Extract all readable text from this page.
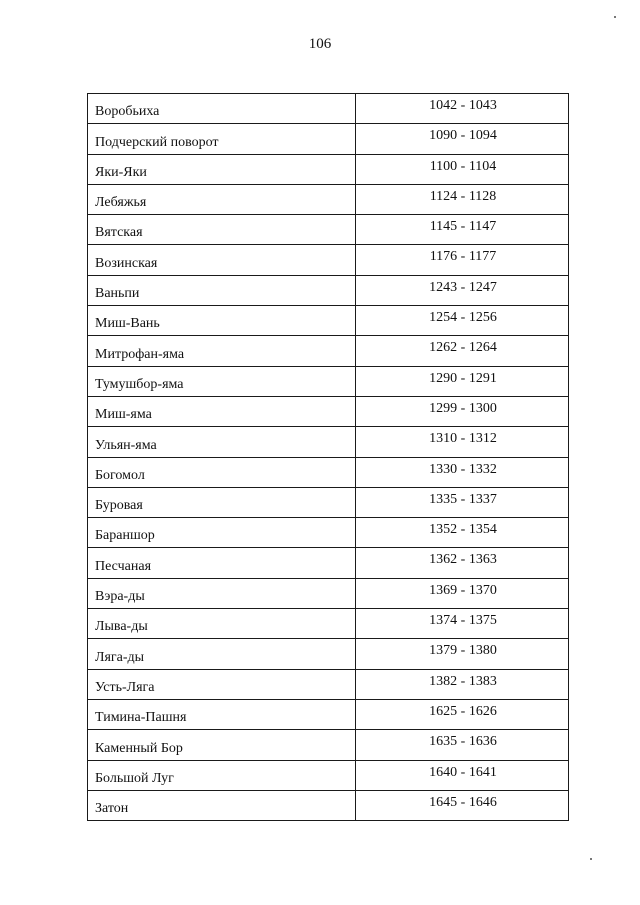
106
Воробьиха	1042 - 1043
Подчерский поворот	1090 - 1094
Яки-Яки	1100 - 1104
Лебяжья	1124 - 1128
Вятская	1145 - 1147
Возинская	1176 - 1177
Ваньпи	1243 - 1247
Миш-Вань	1254 - 1256
Митрофан-яма	1262 - 1264
Тумушбор-яма	1290 - 1291
Миш-яма	1299 - 1300
Ульян-яма	1310 - 1312
Богомол	1330 - 1332
Буровая	1335 - 1337
Бараншор	1352 - 1354
Песчаная	1362 - 1363
Вэра-ды	1369 - 1370
Лыва-ды	1374 - 1375
Ляга-ды	1379 - 1380
Усть-Ляга	1382 - 1383
Тимина-Пашня	1625 - 1626
Каменный Бор	1635 - 1636
Большой Луг	1640 - 1641
Затон	1645 - 1646
